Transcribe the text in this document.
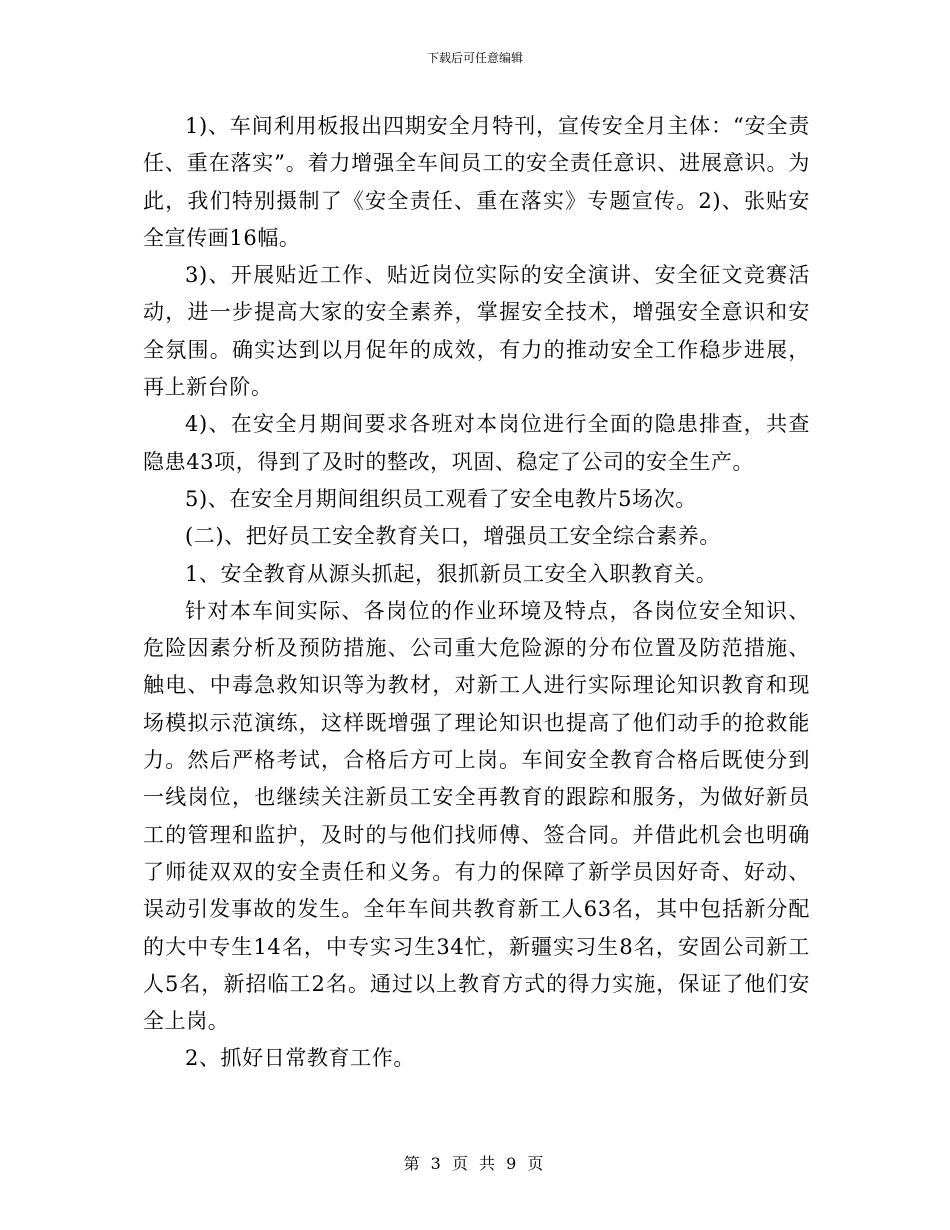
下载后可任意编辑

1)、车间利用板报出四期安全月特刊，宣传安全月主体：“安全责任、重在落实”。着力增强全车间员工的安全责任意识、进展意识。为此，我们特别摄制了《安全责任、重在落实》专题宣传。2)、张贴安全宣传画16幅。

3)、开展贴近工作、贴近岗位实际的安全演讲、安全征文竞赛活动，进一步提高大家的安全素养，掌握安全技术，增强安全意识和安全氛围。确实达到以月促年的成效，有力的推动安全工作稳步进展，再上新台阶。

4)、在安全月期间要求各班对本岗位进行全面的隐患排查，共查隐患43项，得到了及时的整改，巩固、稳定了公司的安全生产。

5)、在安全月期间组织员工观看了安全电教片5场次。

(二)、把好员工安全教育关口，增强员工安全综合素养。

1、安全教育从源头抓起，狠抓新员工安全入职教育关。

针对本车间实际、各岗位的作业环境及特点，各岗位安全知识、危险因素分析及预防措施、公司重大危险源的分布位置及防范措施、触电、中毒急救知识等为教材，对新工人进行实际理论知识教育和现场模拟示范演练，这样既增强了理论知识也提高了他们动手的抢救能力。然后严格考试，合格后方可上岗。车间安全教育合格后既使分到一线岗位，也继续关注新员工安全再教育的跟踪和服务，为做好新员工的管理和监护，及时的与他们找师傅、签合同。并借此机会也明确了师徒双双的安全责任和义务。有力的保障了新学员因好奇、好动、误动引发事故的发生。全年车间共教育新工人63名，其中包括新分配的大中专生14名，中专实习生34忙，新疆实习生8名，安固公司新工人5名，新招临工2名。通过以上教育方式的得力实施，保证了他们安全上岗。

2、抓好日常教育工作。

第 3 页 共 9 页
